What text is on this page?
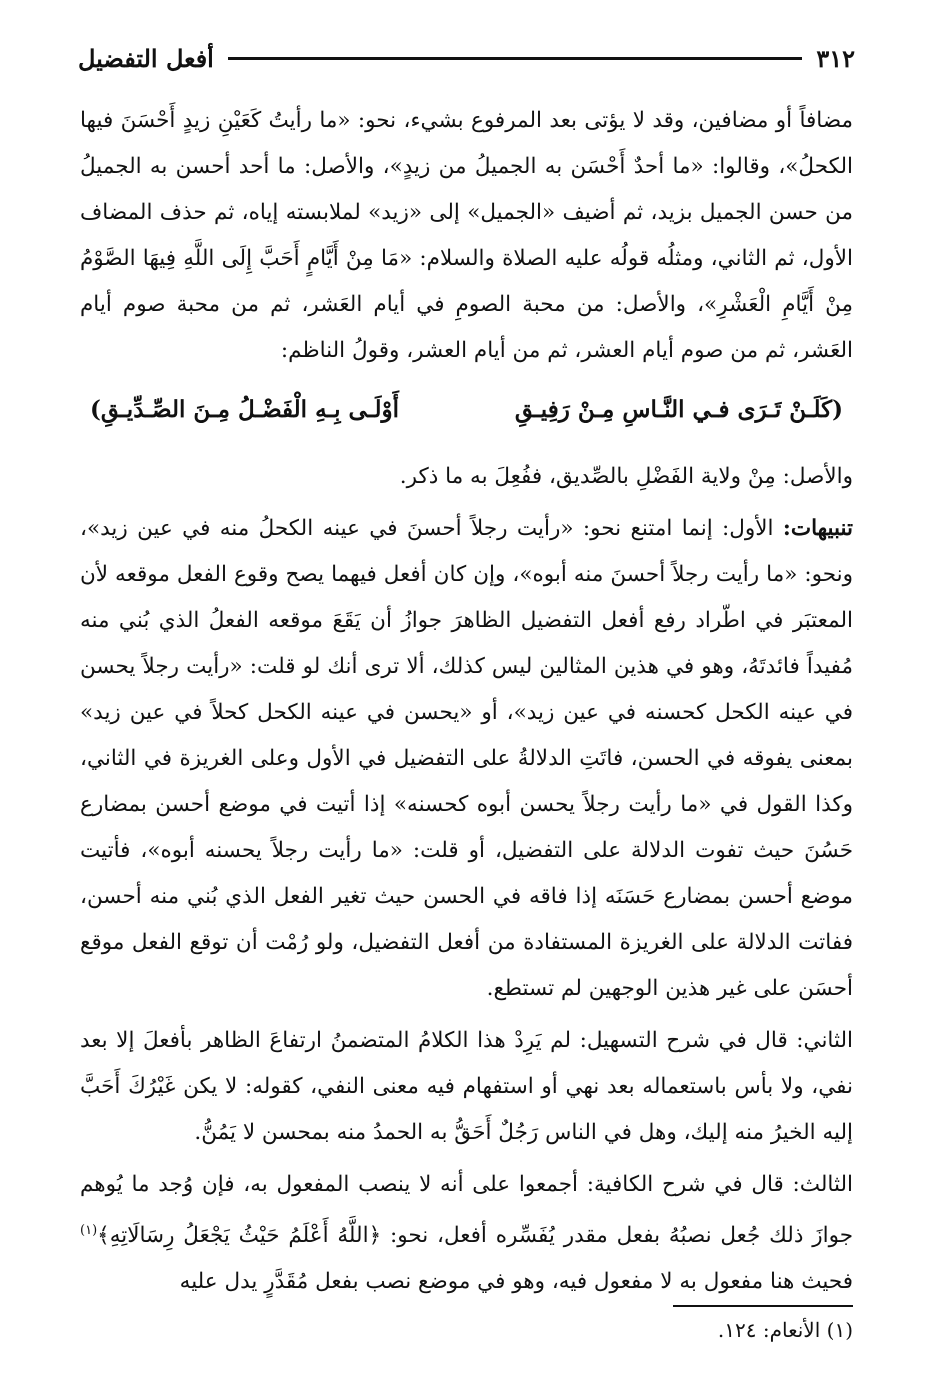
٣١٢
أفعل التفضيل

مضافاً أو مضافين، وقد لا يؤتى بعد المرفوع بشيء، نحو: «ما رأيتُ كَعَيْنِ زيدٍ أَحْسَنَ فيها الكحلُ»، وقالوا: «ما أحدٌ أَحْسَن به الجميلُ من زيدٍ»، والأصل: ما أحد أحسن به الجميلُ من حسن الجميل بزيد، ثم أضيف «الجميل» إلى «زيد» لملابسته إياه، ثم حذف المضاف الأول، ثم الثاني، ومثلُه قولُه عليه الصلاة والسلام: «مَا مِنْ أَيَّامٍ أَحَبَّ إِلَى اللَّهِ فِيهَا الصَّوْمُ مِنْ أَيَّامِ الْعَشْرِ»، والأصل: من محبة الصومِ في أيام العَشر، ثم من محبة صوم أيام العَشر، ثم من صوم أيام العشر، ثم من أيام العشر، وقولُ الناظم:

(كَلَـنْ تَـرَى فـي النَّـاسِ مِـنْ رَفِيـقِ
أَوْلَـى بِـهِ الْفَضْـلُ مِـنَ الصِّـدِّيـقِ)

والأصل: مِنْ ولاية الفَضْلِ بالصِّديق، ففُعِلَ به ما ذكر.

تنبيهات: الأول: إنما امتنع نحو: «رأيت رجلاً أحسنَ في عينه الكحلُ منه في عين زيد»، ونحو: «ما رأيت رجلاً أحسنَ منه أبوه»، وإن كان أفعل فيهما يصح وقوع الفعل موقعه لأن المعتبَر في اطّراد رفع أفعل التفضيل الظاهرَ جوازُ أن يَقَعَ موقعه الفعلُ الذي بُني منه مُفيداً فائدتَهُ، وهو في هذين المثالين ليس كذلك، ألا ترى أنك لو قلت: «رأيت رجلاً يحسن في عينه الكحل كحسنه في عين زيد»، أو «يحسن في عينه الكحل كحلاً في عين زيد» بمعنى يفوقه في الحسن، فاتَتِ الدلالةُ على التفضيل في الأول وعلى الغريزة في الثاني، وكذا القول في «ما رأيت رجلاً يحسن أبوه كحسنه» إذا أتيت في موضع أحسن بمضارع حَسُنَ حيث تفوت الدلالة على التفضيل، أو قلت: «ما رأيت رجلاً يحسنه أبوه»، فأتيت موضع أحسن بمضارع حَسَنَه إذا فاقه في الحسن حيث تغير الفعل الذي بُني منه أحسن، ففاتت الدلالة على الغريزة المستفادة من أفعل التفضيل، ولو رُمْت أن توقع الفعل موقع أحسَن على غير هذين الوجهين لم تستطع.

الثاني: قال في شرح التسهيل: لم يَرِدْ هذا الكلامُ المتضمنُ ارتفاعَ الظاهر بأفعلَ إلا بعد نفي، ولا بأس باستعماله بعد نهي أو استفهام فيه معنى النفي، كقوله: لا يكن غَيْرُكَ أَحَبَّ إليه الخيرُ منه إليك، وهل في الناس رَجُلٌ أَحَقُّ به الحمدُ منه بمحسن لا يَمُنُّ.

الثالث: قال في شرح الكافية: أجمعوا على أنه لا ينصب المفعول به، فإن وُجد ما يُوهم جوازَ ذلك جُعل نصبُهُ بفعل مقدر يُفَسِّره أفعل، نحو: ﴿اللَّهُ أَعْلَمُ حَيْثُ يَجْعَلُ رِسَالَاتِهِ﴾$^{(١)}$ فحيث هنا مفعول به لا مفعول فيه، وهو في موضع نصب بفعل مُقَدَّرٍ يدل عليه

(١) الأنعام: ١٢٤.
